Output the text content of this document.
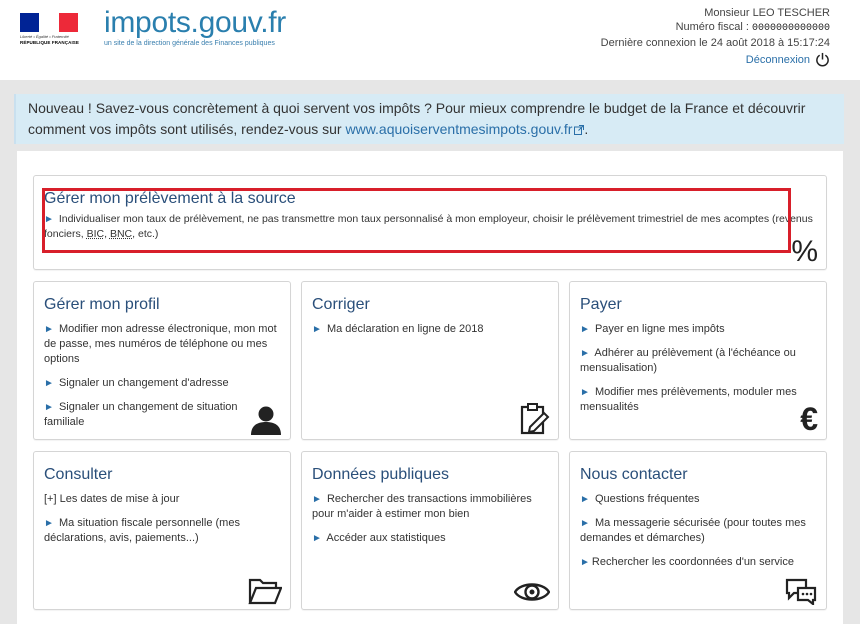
Liberté • Égalité • Fraternité
RÉPUBLIQUE FRANÇAISE
impots.gouv.fr
un site de la direction générale des Finances publiques
Monsieur LEO TESCHER
Numéro fiscal : 0000000000000
Dernière connexion le 24 août 2018 à 15:17:24
Déconnexion
Nouveau ! Savez-vous concrètement à quoi servent vos impôts ? Pour mieux comprendre le budget de la France et découvrir comment vos impôts sont utilisés, rendez-vous sur www.aquoiserventmesimpots.gouv.fr .
Gérer mon prélèvement à la source
► Individualiser mon taux de prélèvement, ne pas transmettre mon taux personnalisé à mon employeur, choisir le prélèvement trimestriel de mes acomptes (revenus fonciers, BIC, BNC, etc.)
%
Gérer mon profil
► Modifier mon adresse électronique, mon mot de passe, mes numéros de téléphone ou mes options
► Signaler un changement d'adresse
► Signaler un changement de situation familiale
Corriger
► Ma déclaration en ligne de 2018
Payer
► Payer en ligne mes impôts
► Adhérer au prélèvement (à l'échéance ou mensualisation)
► Modifier mes prélèvements, moduler mes mensualités	€
Consulter
[+] Les dates de mise à jour
► Ma situation fiscale personnelle (mes déclarations, avis, paiements...)
Données publiques
► Rechercher des transactions immobilières pour m'aider à estimer mon bien
► Accéder aux statistiques
Nous contacter
► Questions fréquentes
► Ma messagerie sécurisée (pour toutes mes demandes et démarches)
► Rechercher les coordonnées d'un service
